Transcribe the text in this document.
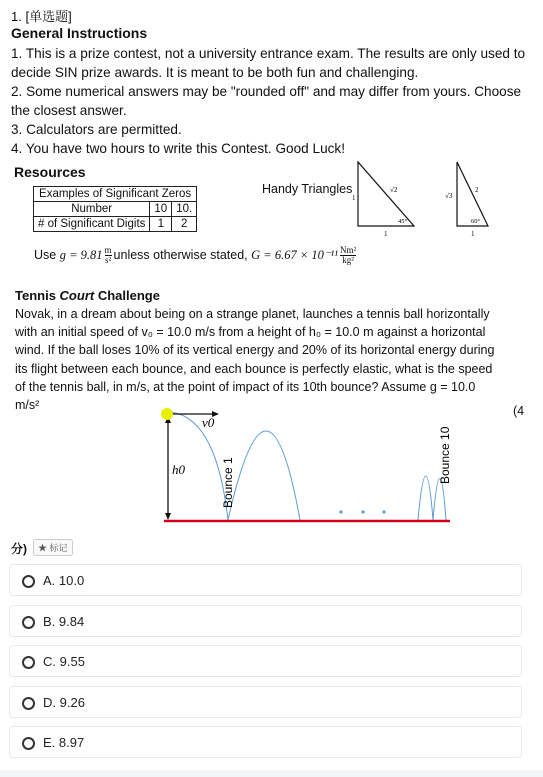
1. [单选题]
General Instructions
1. This is a prize contest, not a university entrance exam. The results are only used to
decide SIN prize awards. It is meant to be both fun and challenging.
2. Some numerical answers may be "rounded off" and may differ from yours. Choose
the closest answer.
3. Calculators are permitted.
4. You have two hours to write this Contest. Good Luck!
Resources
Examples of Significant Zeros		
Number	10	10.
# of Significant Digits	1	2
Handy Triangles	√2
1
1
45°
√3
2
1
60°
Use $g = 9.81 \frac{m}{\text{s²}}$ unless otherwise stated, $G = 6.67 \times 10^{-11} \frac{\text{Nm²}}{\text{kg²}}$
Tennis Court Challenge
Novak, in a dream about being on a strange planet, launches a tennis ball horizontally
with an initial speed of v₀ = 10.0 m/s from a height of h₀ = 10.0 m against a horizontal
wind. If the ball loses 10% of its vertical energy and 20% of its horizontal energy during
its flight between each bounce, and each bounce is perfectly elastic, what is the speed
of the tennis ball, in m/s, at the point of impact of its 10th bounce? Assume g = 10.0 m/s²	(4
v0
h0	Bounce 1	Bounce 10
分)	★ 标记
A. 10.0
B. 9.84
C. 9.55
D. 9.26
E. 8.97
